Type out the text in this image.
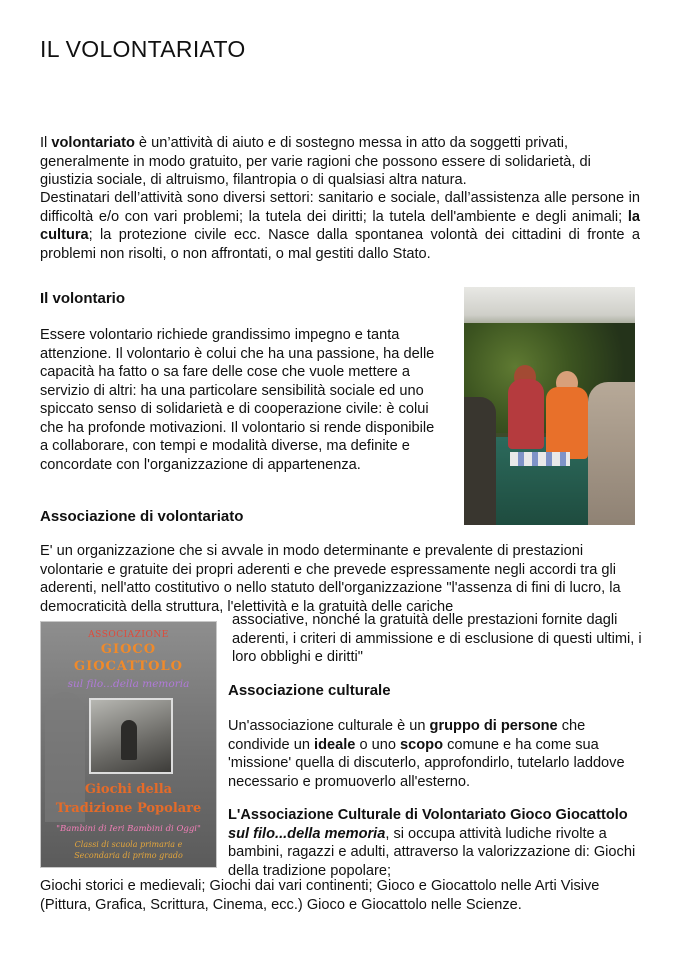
IL VOLONTARIATO

Il volontariato è un’attività di aiuto e di sostegno messa in atto da soggetti privati, generalmente in modo gratuito, per varie ragioni che possono essere di solidarietà, di giustizia sociale, di altruismo, filantropia o di qualsiasi altra natura.

Destinatari dell’attività sono diversi settori: sanitario e sociale, dall’assistenza alle persone in difficoltà e/o con vari problemi; la tutela dei diritti; la tutela dell'ambiente e degli animali; la cultura; la protezione civile ecc. Nasce dalla spontanea volontà dei cittadini di fronte a problemi non risolti, o non affrontati, o mal gestiti dallo Stato.

Il volontario

Essere volontario richiede grandissimo impegno e tanta attenzione. Il volontario è colui che ha una passione, ha delle capacità ha fatto o sa fare delle cose che vuole mettere a servizio di altri: ha una particolare sensibilità sociale ed uno spiccato senso di solidarietà e di cooperazione civile: è colui che ha profonde motivazioni. Il volontario si rende disponibile a collaborare, con tempi e modalità diverse, ma definite e concordate con l'organizzazione di appartenenza.

Associazione di volontariato

E' un organizzazione che si avvale in modo determinante e prevalente di prestazioni volontarie e gratuite dei propri aderenti e che prevede espressamente negli accordi tra gli aderenti, nell'atto costitutivo o nello statuto dell'organizzazione "l'assenza di fini di lucro, la democraticità della struttura, l'elettività e la gratuità delle cariche

associative, nonché la gratuità delle prestazioni fornite dagli aderenti, i criteri di ammissione e di esclusione di questi ultimi, i loro obblighi e diritti"

ASSOCIAZIONE

GIOCO

GIOCATTOLO

sul filo...della memoria

Giochi della

Tradizione Popolare

"Bambini di Ieri Bambini di Oggi"

Classi di scuola primaria e

Secondaria di primo grado

Associazione culturale

Un'associazione culturale è un gruppo di persone che condivide un ideale o uno scopo comune e ha come sua 'missione' quella di discuterlo, approfondirlo, tutelarlo laddove necessario e promuoverlo all'esterno.

L'Associazione Culturale di Volontariato Gioco Giocattolo sul filo...della memoria, si occupa attività ludiche rivolte a bambini, ragazzi e adulti, attraverso la valorizzazione di: Giochi della tradizione popolare;

Giochi storici e medievali; Giochi dai vari continenti; Gioco e Giocattolo nelle Arti Visive (Pittura, Grafica, Scrittura, Cinema, ecc.) Gioco e Giocattolo nelle Scienze.
